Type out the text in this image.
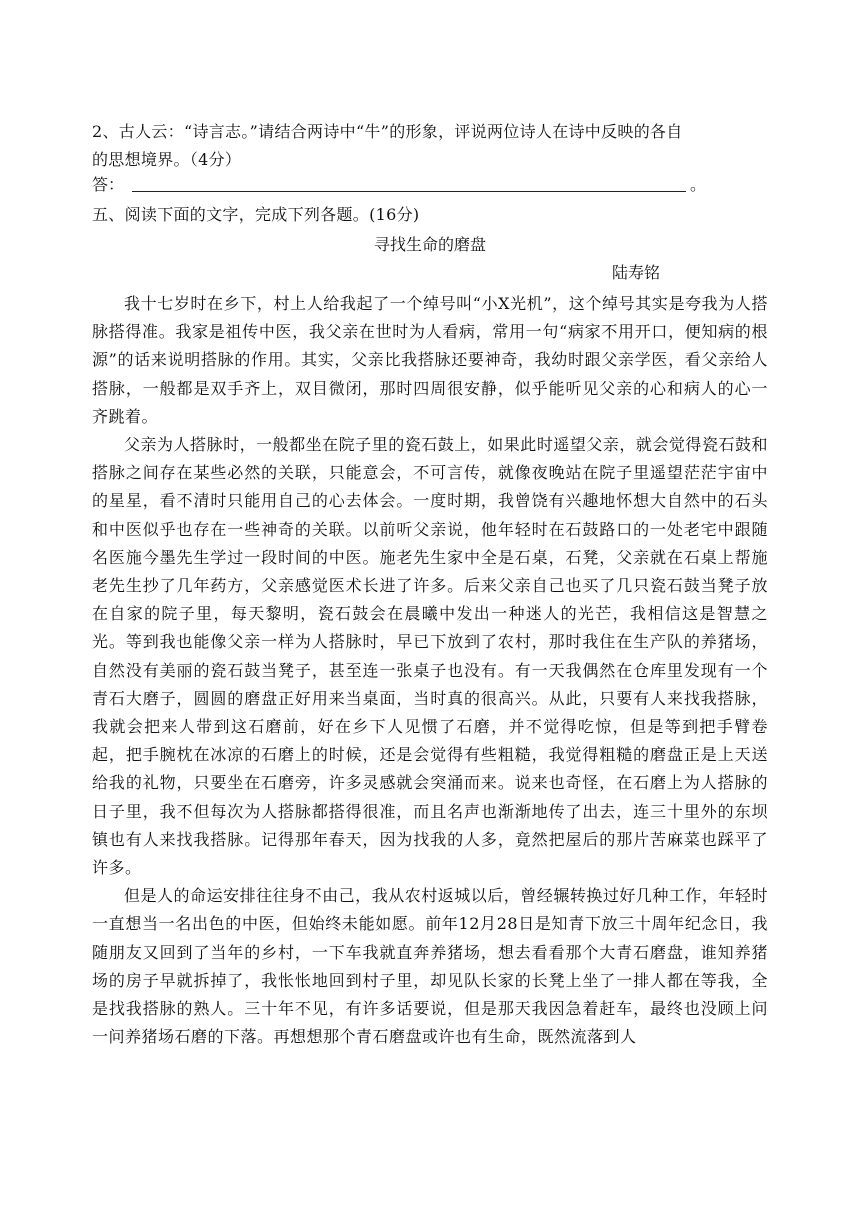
2、古人云：“诗言志。”请结合两诗中“牛”的形象，评说两位诗人在诗中反映的各自
的思想境界。（4分）
答：	。
五、阅读下面的文字，完成下列各题。(16分)
寻找生命的磨盘
陆寿铭

我十七岁时在乡下，村上人给我起了一个绰号叫“小X光机”，这个绰号其实是夸我为人搭脉搭得准。我家是祖传中医，我父亲在世时为人看病，常用一句“病家不用开口，便知病的根源”的话来说明搭脉的作用。其实，父亲比我搭脉还要神奇，我幼时跟父亲学医，看父亲给人搭脉，一般都是双手齐上，双目微闭，那时四周很安静，似乎能听见父亲的心和病人的心一齐跳着。

父亲为人搭脉时，一般都坐在院子里的瓷石鼓上，如果此时遥望父亲，就会觉得瓷石鼓和搭脉之间存在某些必然的关联，只能意会，不可言传，就像夜晚站在院子里遥望茫茫宇宙中的星星，看不清时只能用自己的心去体会。一度时期，我曾饶有兴趣地怀想大自然中的石头和中医似乎也存在一些神奇的关联。以前听父亲说，他年轻时在石鼓路口的一处老宅中跟随名医施今墨先生学过一段时间的中医。施老先生家中全是石桌，石凳，父亲就在石桌上帮施老先生抄了几年药方，父亲感觉医术长进了许多。后来父亲自己也买了几只瓷石鼓当凳子放在自家的院子里，每天黎明，瓷石鼓会在晨曦中发出一种迷人的光芒，我相信这是智慧之光。等到我也能像父亲一样为人搭脉时，早已下放到了农村，那时我住在生产队的养猪场，自然没有美丽的瓷石鼓当凳子，甚至连一张桌子也没有。有一天我偶然在仓库里发现有一个青石大磨子，圆圆的磨盘正好用来当桌面，当时真的很高兴。从此，只要有人来找我搭脉，我就会把来人带到这石磨前，好在乡下人见惯了石磨，并不觉得吃惊，但是等到把手臂卷起，把手腕枕在冰凉的石磨上的时候，还是会觉得有些粗糙，我觉得粗糙的磨盘正是上天送给我的礼物，只要坐在石磨旁，许多灵感就会突涌而来。说来也奇怪，在石磨上为人搭脉的日子里，我不但每次为人搭脉都搭得很准，而且名声也渐渐地传了出去，连三十里外的东坝镇也有人来找我搭脉。记得那年春天，因为找我的人多，竟然把屋后的那片苦麻菜也踩平了许多。

但是人的命运安排往往身不由己，我从农村返城以后，曾经辗转换过好几种工作，年轻时一直想当一名出色的中医，但始终未能如愿。前年12月28日是知青下放三十周年纪念日，我随朋友又回到了当年的乡村，一下车我就直奔养猪场，想去看看那个大青石磨盘，谁知养猪场的房子早就拆掉了，我怅怅地回到村子里，却见队长家的长凳上坐了一排人都在等我，全是找我搭脉的熟人。三十年不见，有许多话要说，但是那天我因急着赶车，最终也没顾上问一问养猪场石磨的下落。再想想那个青石磨盘或许也有生命，既然流落到人
